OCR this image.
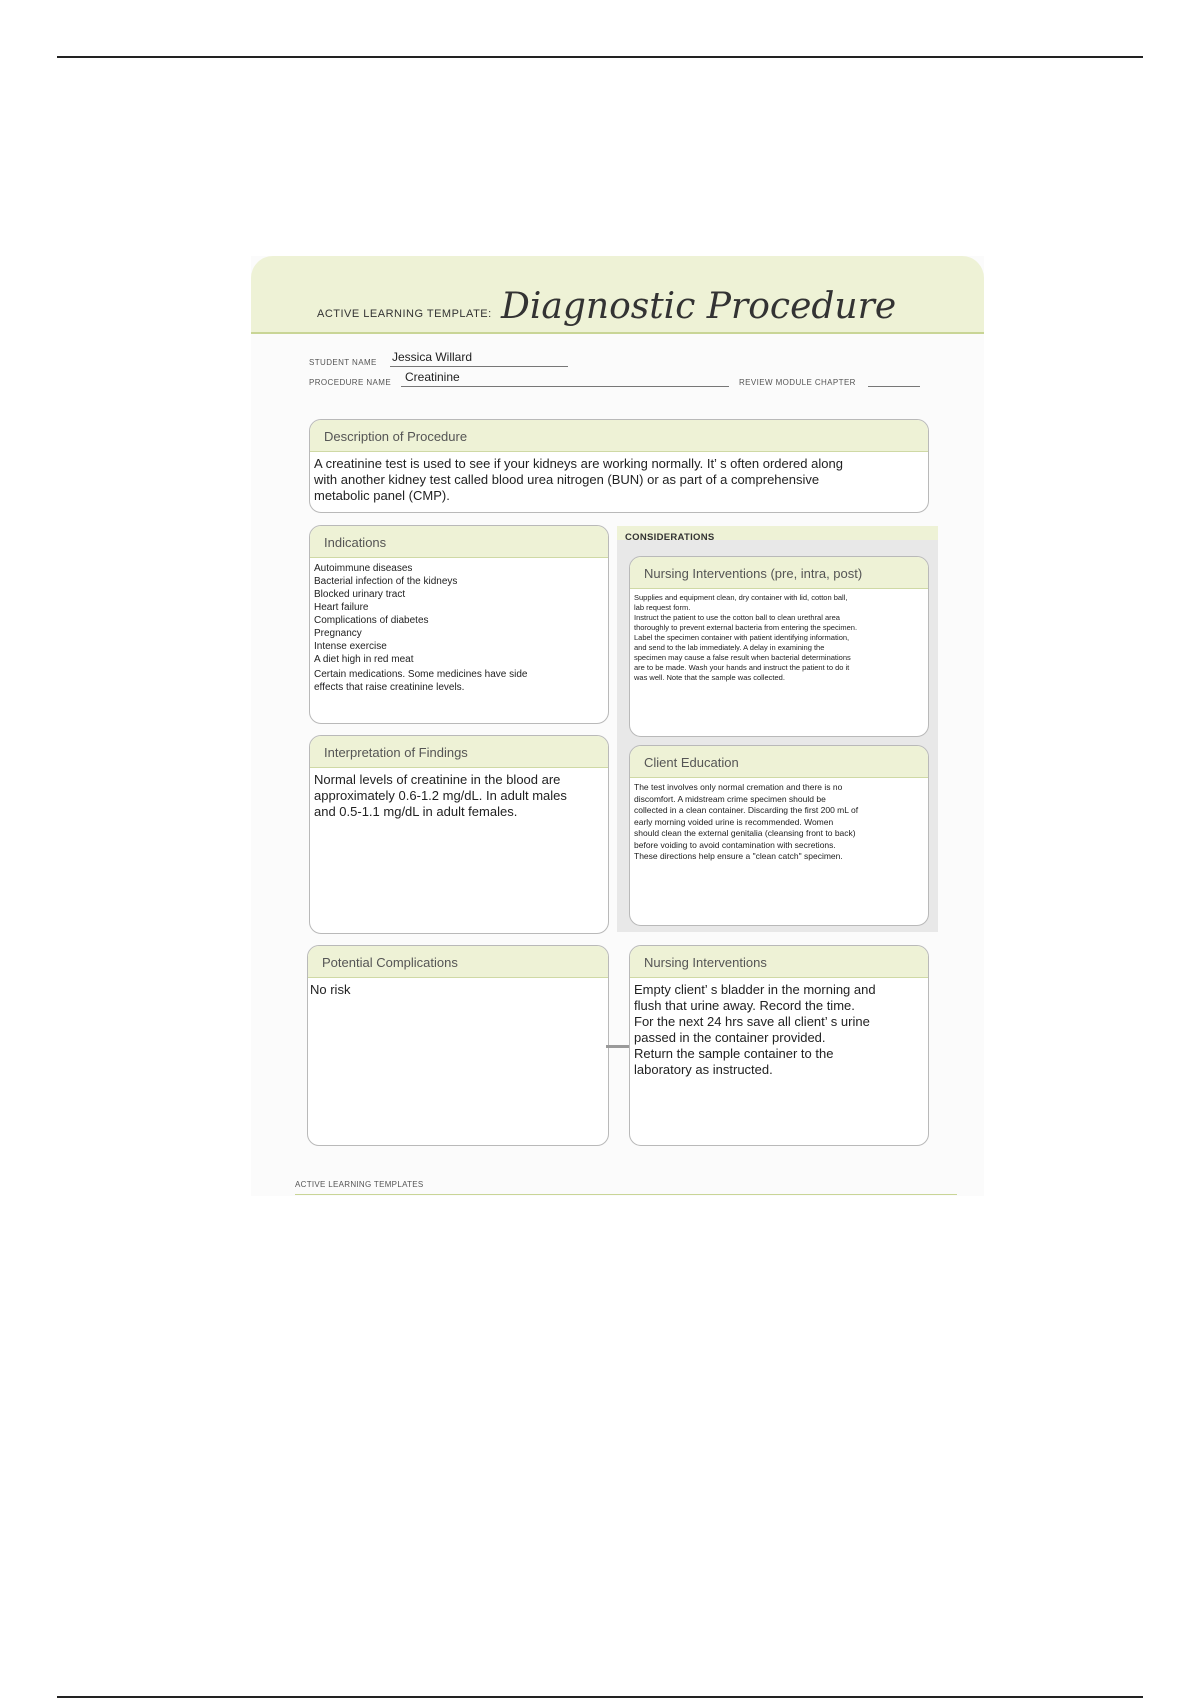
ACTIVE LEARNING TEMPLATE: Diagnostic Procedure
STUDENT NAME Jessica Willard
PROCEDURE NAME Creatinine	REVIEW MODULE CHAPTER
Description of Procedure
A creatinine test is used to see if your kidneys are working normally. It’ s often ordered along
with another kidney test called blood urea nitrogen (BUN) or as part of a comprehensive
metabolic panel (CMP).
Indications
Autoimmune diseases
Bacterial infection of the kidneys
Blocked urinary tract
Heart failure
Complications of diabetes
Pregnancy
Intense exercise
A diet high in red meat
Certain medications. Some medicines have side
effects that raise creatinine levels.
CONSIDERATIONS
Nursing Interventions (pre, intra, post)
Supplies and equipment clean, dry container with lid, cotton ball,
lab request form.
Instruct the patient to use the cotton ball to clean urethral area
thoroughly to prevent external bacteria from entering the specimen.
Label the specimen container with patient identifying information,
and send to the lab immediately. A delay in examining the
specimen may cause a false result when bacterial determinations
are to be made. Wash your hands and instruct the patient to do it
was well. Note that the sample was collected.
Interpretation of Findings
Normal levels of creatinine in the blood are
approximately 0.6-1.2 mg/dL. In adult males
and 0.5-1.1 mg/dL in adult females.
Client Education
The test involves only normal cremation and there is no
discomfort. A midstream crime specimen should be
collected in a clean container. Discarding the first 200 mL of
early morning voided urine is recommended. Women
should clean the external genitalia (cleansing front to back)
before voiding to avoid contamination with secretions.
These directions help ensure a "clean catch" specimen.
Potential Complications
No risk
Nursing Interventions
Empty client’ s bladder in the morning and
flush that urine away. Record the time.
For the next 24 hrs save all client’ s urine
passed in the container provided.
Return the sample container to the
laboratory as instructed.
ACTIVE LEARNING TEMPLATES
